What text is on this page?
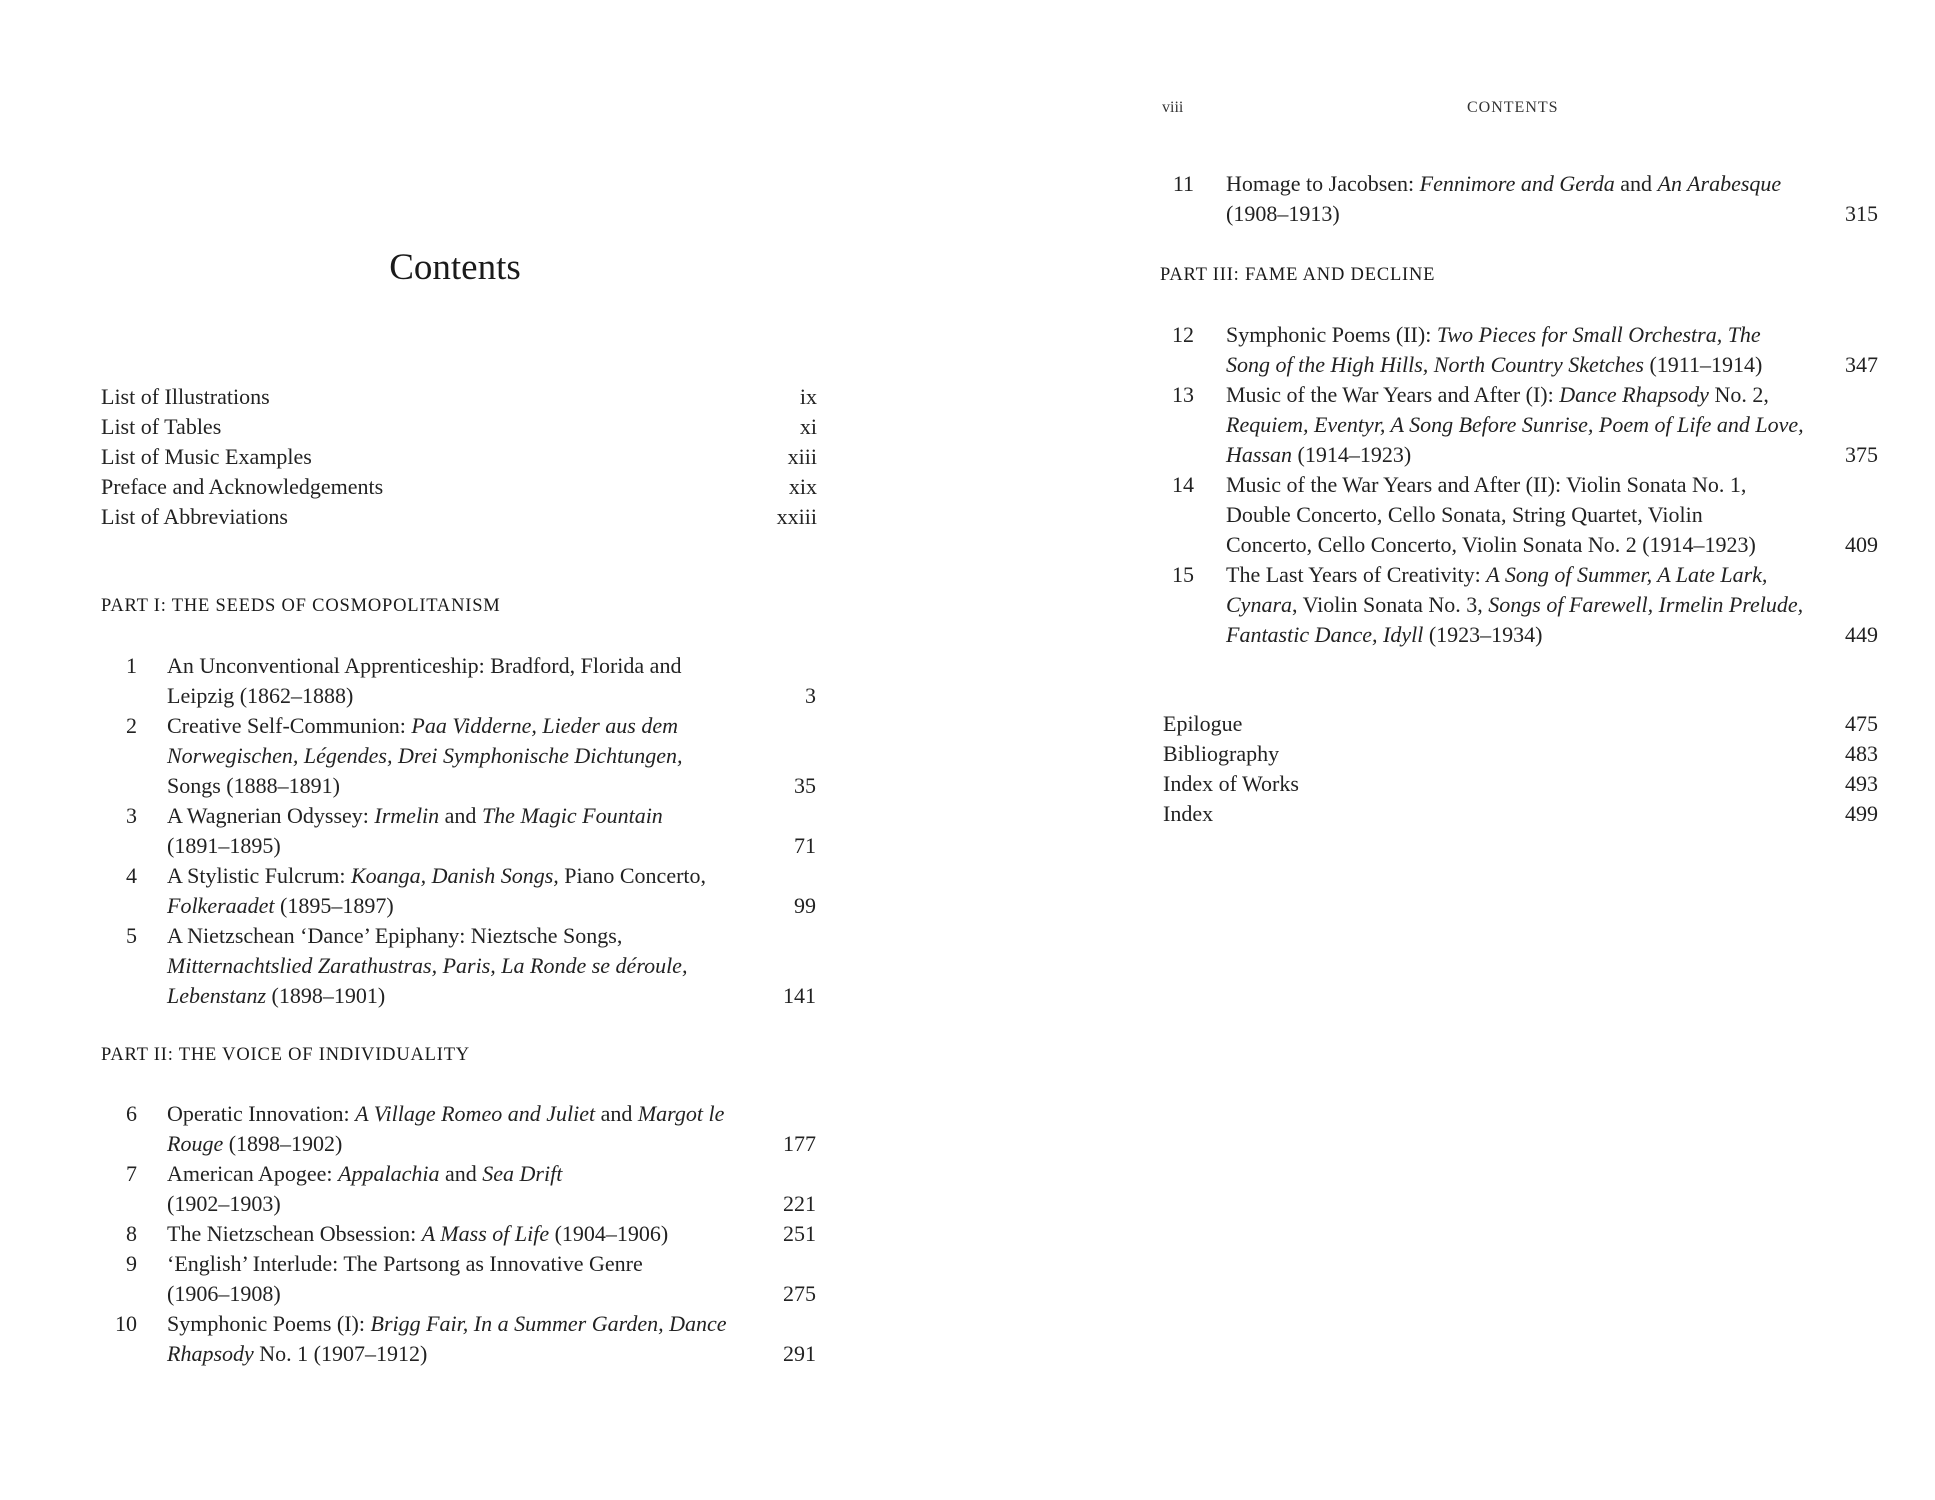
Contents
List of Illustrations	ix
List of Tables	xi
List of Music Examples	xiii
Preface and Acknowledgements	xix
List of Abbreviations	xxiii
PART I: THE SEEDS OF COSMOPOLITANISM
1 An Unconventional Apprenticeship: Bradford, Florida and
Leipzig (1862–1888)	3
2 Creative Self-Communion: Paa Vidderne, Lieder aus dem
Norwegischen, Légendes, Drei Symphonische Dichtungen,
Songs (1888–1891)	35
3 A Wagnerian Odyssey: Irmelin and The Magic Fountain
(1891–1895)	71
4 A Stylistic Fulcrum: Koanga, Danish Songs, Piano Concerto,
Folkeraadet (1895–1897)	99
5 A Nietzschean ‘Dance’ Epiphany: Nieztsche Songs,
Mitternachtslied Zarathustras, Paris, La Ronde se déroule,
Lebenstanz (1898–1901)	141
PART II: THE VOICE OF INDIVIDUALITY
6 Operatic Innovation: A Village Romeo and Juliet and Margot le
Rouge (1898–1902)	177
7 American Apogee: Appalachia and Sea Drift
(1902–1903)	221
8 The Nietzschean Obsession: A Mass of Life (1904–1906)	251
9 ‘English’ Interlude: The Partsong as Innovative Genre
(1906–1908)	275
10 Symphonic Poems (I): Brigg Fair, In a Summer Garden, Dance
Rhapsody No. 1 (1907–1912)	291
viii	CONTENTS
11 Homage to Jacobsen: Fennimore and Gerda and An Arabesque
(1908–1913)	315
PART III: FAME AND DECLINE
12 Symphonic Poems (II): Two Pieces for Small Orchestra, The
Song of the High Hills, North Country Sketches (1911–1914)	347
13 Music of the War Years and After (I): Dance Rhapsody No. 2,
Requiem, Eventyr, A Song Before Sunrise, Poem of Life and Love,
Hassan (1914–1923)	375
14 Music of the War Years and After (II): Violin Sonata No. 1,
Double Concerto, Cello Sonata, String Quartet, Violin
Concerto, Cello Concerto, Violin Sonata No. 2 (1914–1923)	409
15 The Last Years of Creativity: A Song of Summer, A Late Lark,
Cynara, Violin Sonata No. 3, Songs of Farewell, Irmelin Prelude,
Fantastic Dance, Idyll (1923–1934)	449
Epilogue	475
Bibliography	483
Index of Works	493
Index	499
